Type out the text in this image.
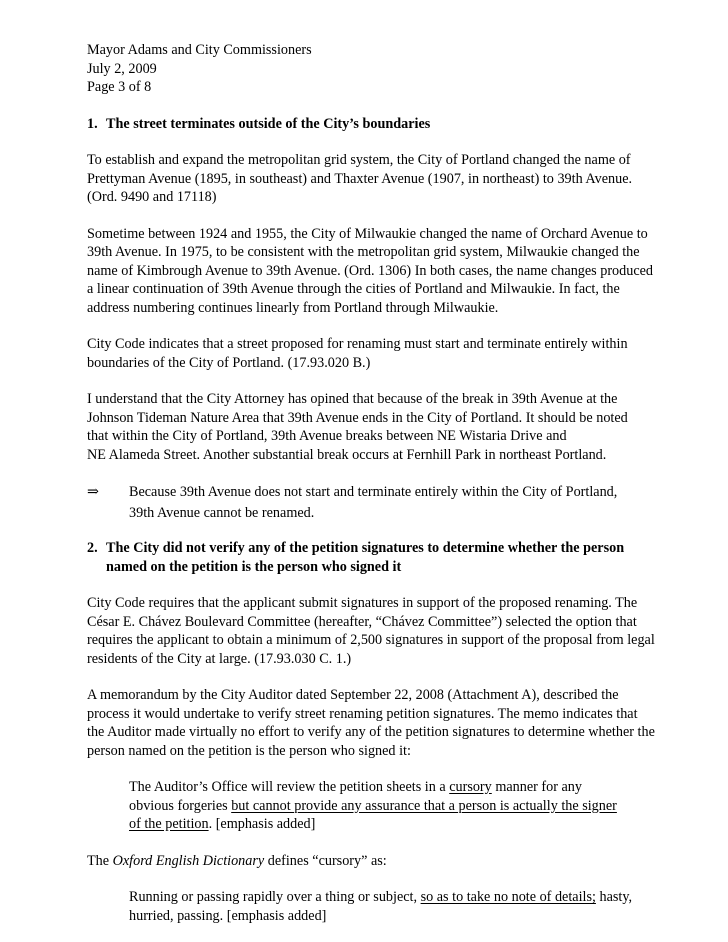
Mayor Adams and City Commissioners
July 2, 2009
Page 3 of 8
1. The street terminates outside of the City’s boundaries

To establish and expand the metropolitan grid system, the City of Portland changed the name of Prettyman Avenue (1895, in southeast) and Thaxter Avenue (1907, in northeast) to 39th Avenue. (Ord. 9490 and 17118)

Sometime between 1924 and 1955, the City of Milwaukie changed the name of Orchard Avenue to 39th Avenue. In 1975, to be consistent with the metropolitan grid system, Milwaukie changed the name of Kimbrough Avenue to 39th Avenue. (Ord. 1306) In both cases, the name changes produced a linear continuation of 39th Avenue through the cities of Portland and Milwaukie. In fact, the address numbering continues linearly from Portland through Milwaukie.

City Code indicates that a street proposed for renaming must start and terminate entirely within boundaries of the City of Portland. (17.93.020 B.)

I understand that the City Attorney has opined that because of the break in 39th Avenue at the
Johnson Tideman Nature Area that 39th Avenue ends in the City of Portland. It should be noted
that within the City of Portland, 39th Avenue breaks between NE Wistaria Drive and
NE Alameda Street. Another substantial break occurs at Fernhill Park in northeast Portland.

⇒ Because 39th Avenue does not start and terminate entirely within the City of Portland,
39th Avenue cannot be renamed.
2. The City did not verify any of the petition signatures to determine whether the person named on the petition is the person who signed it

City Code requires that the applicant submit signatures in support of the proposed renaming. The César E. Chávez Boulevard Committee (hereafter, “Chávez Committee”) selected the option that requires the applicant to obtain a minimum of 2,500 signatures in support of the proposal from legal residents of the City at large. (17.93.030 C. 1.)

A memorandum by the City Auditor dated September 22, 2008 (Attachment A), described the process it would undertake to verify street renaming petition signatures. The memo indicates that the Auditor made virtually no effort to verify any of the petition signatures to determine whether the person named on the petition is the person who signed it:

The Auditor’s Office will review the petition sheets in a cursory manner for any obvious forgeries but cannot provide any assurance that a person is actually the signer of the petition. [emphasis added]

The Oxford English Dictionary defines “cursory” as:

Running or passing rapidly over a thing or subject, so as to take no note of details; hasty, hurried, passing. [emphasis added]
